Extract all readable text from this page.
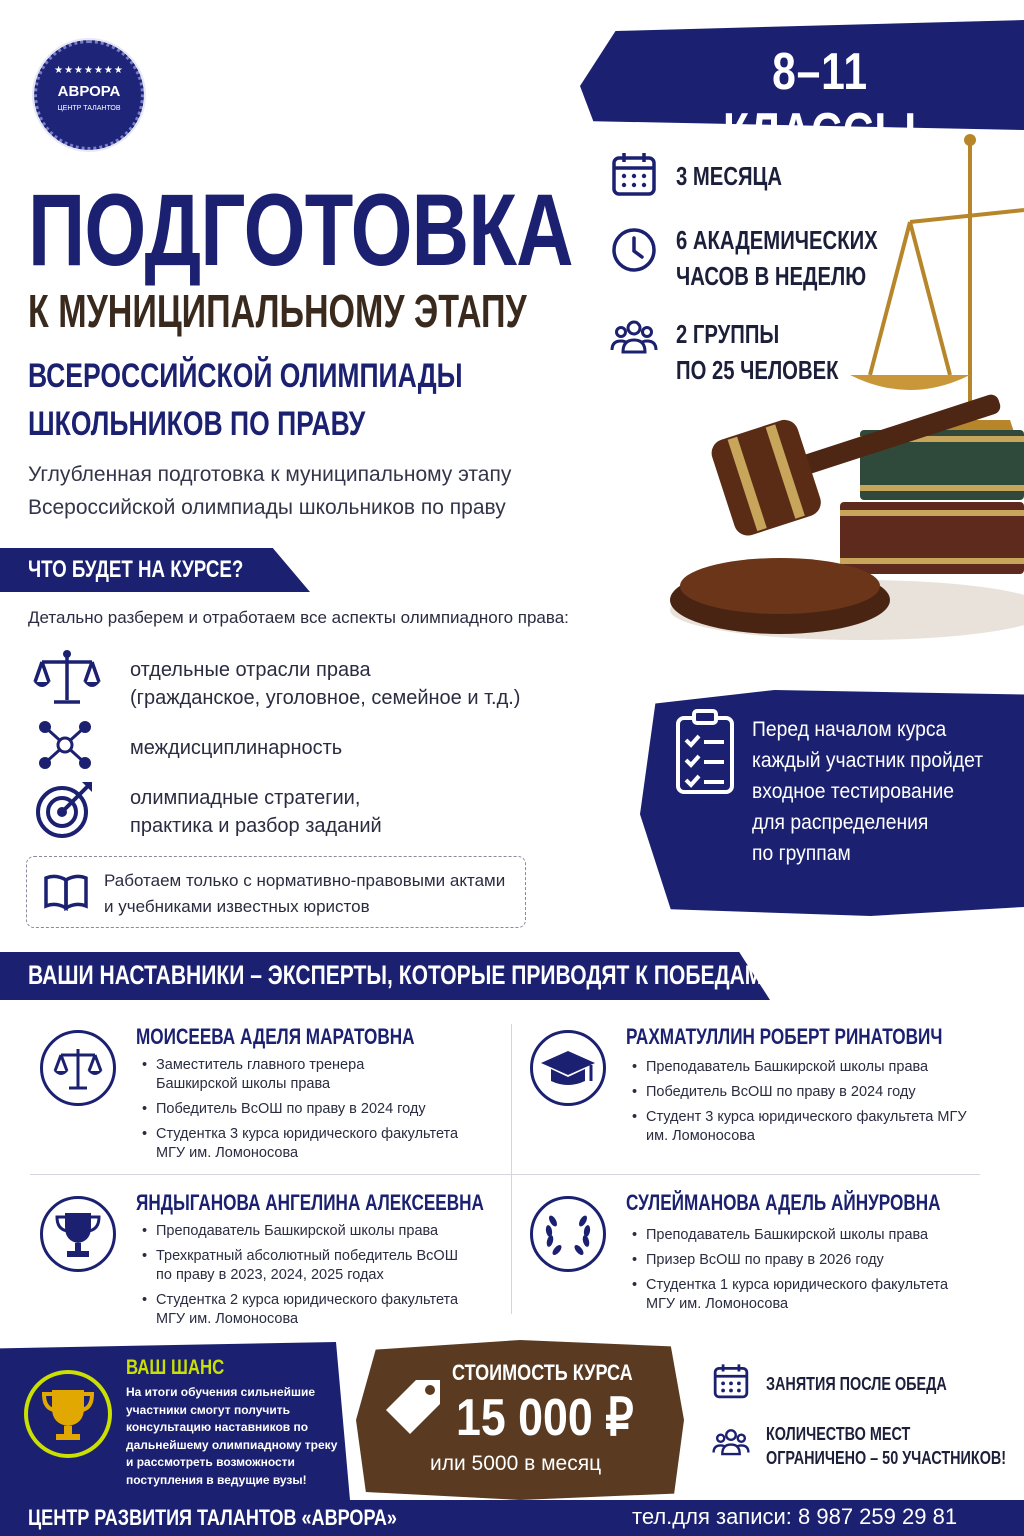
★★★★★★★
АВРОРА
ЦЕНТР ТАЛАНТОВ
8–11 КЛАССЫ
ПОДГОТОВКА
К МУНИЦИПАЛЬНОМУ ЭТАПУ
ВСЕРОССИЙСКОЙ ОЛИМПИАДЫ
ШКОЛЬНИКОВ ПО ПРАВУ
Углубленная подготовка к муниципальному этапу
Всероссийской олимпиады школьников по праву
3 МЕСЯЦА
6 АКАДЕМИЧЕСКИХ
ЧАСОВ В НЕДЕЛЮ
2 ГРУППЫ
ПО 25 ЧЕЛОВЕК
ЧТО БУДЕТ НА КУРСЕ?
Детально разберем и отработаем все аспекты олимпиадного права:
отдельные отрасли права
(гражданское, уголовное, семейное и т.д.)
междисциплинарность
олимпиадные стратегии,
практика и разбор заданий
Работаем только с нормативно-правовыми актами
и учебниками известных юристов
Перед началом курса
каждый участник пройдет
входное тестирование
для распределения
по группам
ВАШИ НАСТАВНИКИ – ЭКСПЕРТЫ, КОТОРЫЕ ПРИВОДЯТ К ПОБЕДАМ:
МОИСЕЕВА АДЕЛЯ МАРАТОВНА
• Заместитель главного тренера Башкирской школы права
• Победитель ВсОШ по праву в 2024 году
• Студентка 3 курса юридического факультета МГУ им. Ломоносова
РАХМАТУЛЛИН РОБЕРТ РИНАТОВИЧ
• Преподаватель Башкирской школы права
• Победитель ВсОШ по праву в 2024 году
• Студент 3 курса юридического факультета МГУ им. Ломоносова
ЯНДЫГАНОВА АНГЕЛИНА АЛЕКСЕЕВНА
• Преподаватель Башкирской школы права
• Трехкратный абсолютный победитель ВсОШ по праву в 2023, 2024, 2025 годах
• Студентка 2 курса юридического факультета МГУ им. Ломоносова
СУЛЕЙМАНОВА АДЕЛЬ АЙНУРОВНА
• Преподаватель Башкирской школы права
• Призер ВсОШ по праву в 2026 году
• Студентка 1 курса юридического факультета МГУ им. Ломоносова
ВАШ ШАНС
На итоги обучения сильнейшие участники смогут получить консультацию наставников по дальнейшему олимпиадному треку и рассмотреть возможности поступления в ведущие вузы!
СТОИМОСТЬ КУРСА
15 000 ₽
или 5000 в месяц
ЗАНЯТИЯ ПОСЛЕ ОБЕДА
КОЛИЧЕСТВО МЕСТ
ОГРАНИЧЕНО – 50 УЧАСТНИКОВ!
ЦЕНТР РАЗВИТИЯ ТАЛАНТОВ «АВРОРА»	тел.для записи: 8 987 259 29 81
